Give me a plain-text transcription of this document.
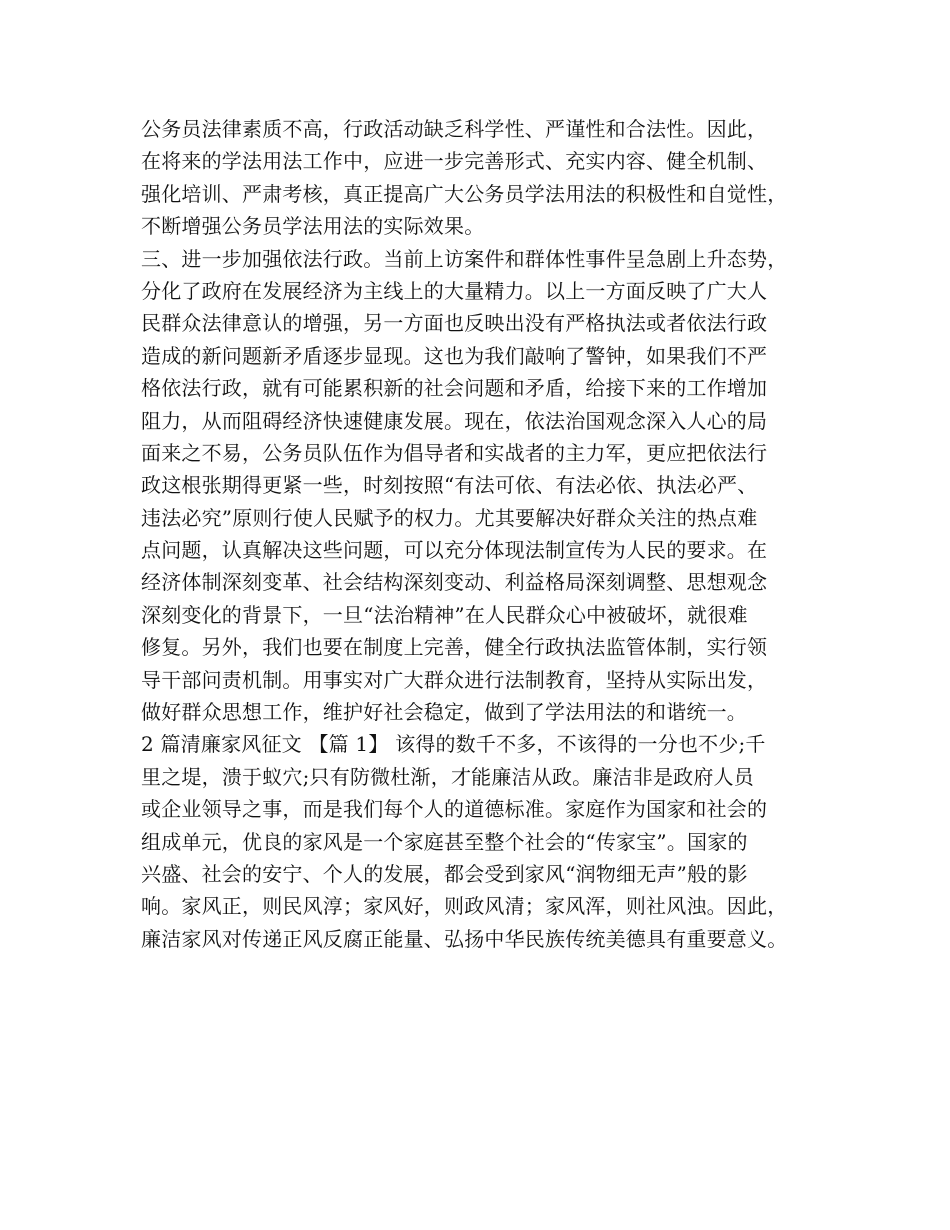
公务员法律素质不高，行政活动缺乏科学性、严谨性和合法性。因此，
在将来的学法用法工作中，应进一步完善形式、充实内容、健全机制、
强化培训、严肃考核，真正提高广大公务员学法用法的积极性和自觉性，
不断增强公务员学法用法的实际效果。
三、进一步加强依法行政。当前上访案件和群体性事件呈急剧上升态势，
分化了政府在发展经济为主线上的大量精力。以上一方面反映了广大人
民群众法律意认的增强，另一方面也反映出没有严格执法或者依法行政
造成的新问题新矛盾逐步显现。这也为我们敲响了警钟，如果我们不严
格依法行政，就有可能累积新的社会问题和矛盾，给接下来的工作增加
阻力，从而阻碍经济快速健康发展。现在，依法治国观念深入人心的局
面来之不易，公务员队伍作为倡导者和实战者的主力军，更应把依法行
政这根张期得更紧一些，时刻按照“有法可依、有法必依、执法必严、
违法必究”原则行使人民赋予的权力。尤其要解决好群众关注的热点难
点问题，认真解决这些问题，可以充分体现法制宣传为人民的要求。在
经济体制深刻变革、社会结构深刻变动、利益格局深刻调整、思想观念
深刻变化的背景下，一旦“法治精神”在人民群众心中被破坏，就很难
修复。另外，我们也要在制度上完善，健全行政执法监管体制，实行领
导干部问责机制。用事实对广大群众进行法制教育，坚持从实际出发，
做好群众思想工作，维护好社会稳定，做到了学法用法的和谐统一。
2 篇清廉家风征文 【篇 1】 该得的数千不多，不该得的一分也不少;千
里之堤，溃于蚁穴;只有防微杜渐，才能廉洁从政。廉洁非是政府人员
或企业领导之事，而是我们每个人的道德标准。家庭作为国家和社会的
组成单元，优良的家风是一个家庭甚至整个社会的“传家宝”。国家的
兴盛、社会的安宁、个人的发展，都会受到家风“润物细无声”般的影
响。家风正，则民风淳；家风好，则政风清；家风浑，则社风浊。因此，
廉洁家风对传递正风反腐正能量、弘扬中华民族传统美德具有重要意义。
